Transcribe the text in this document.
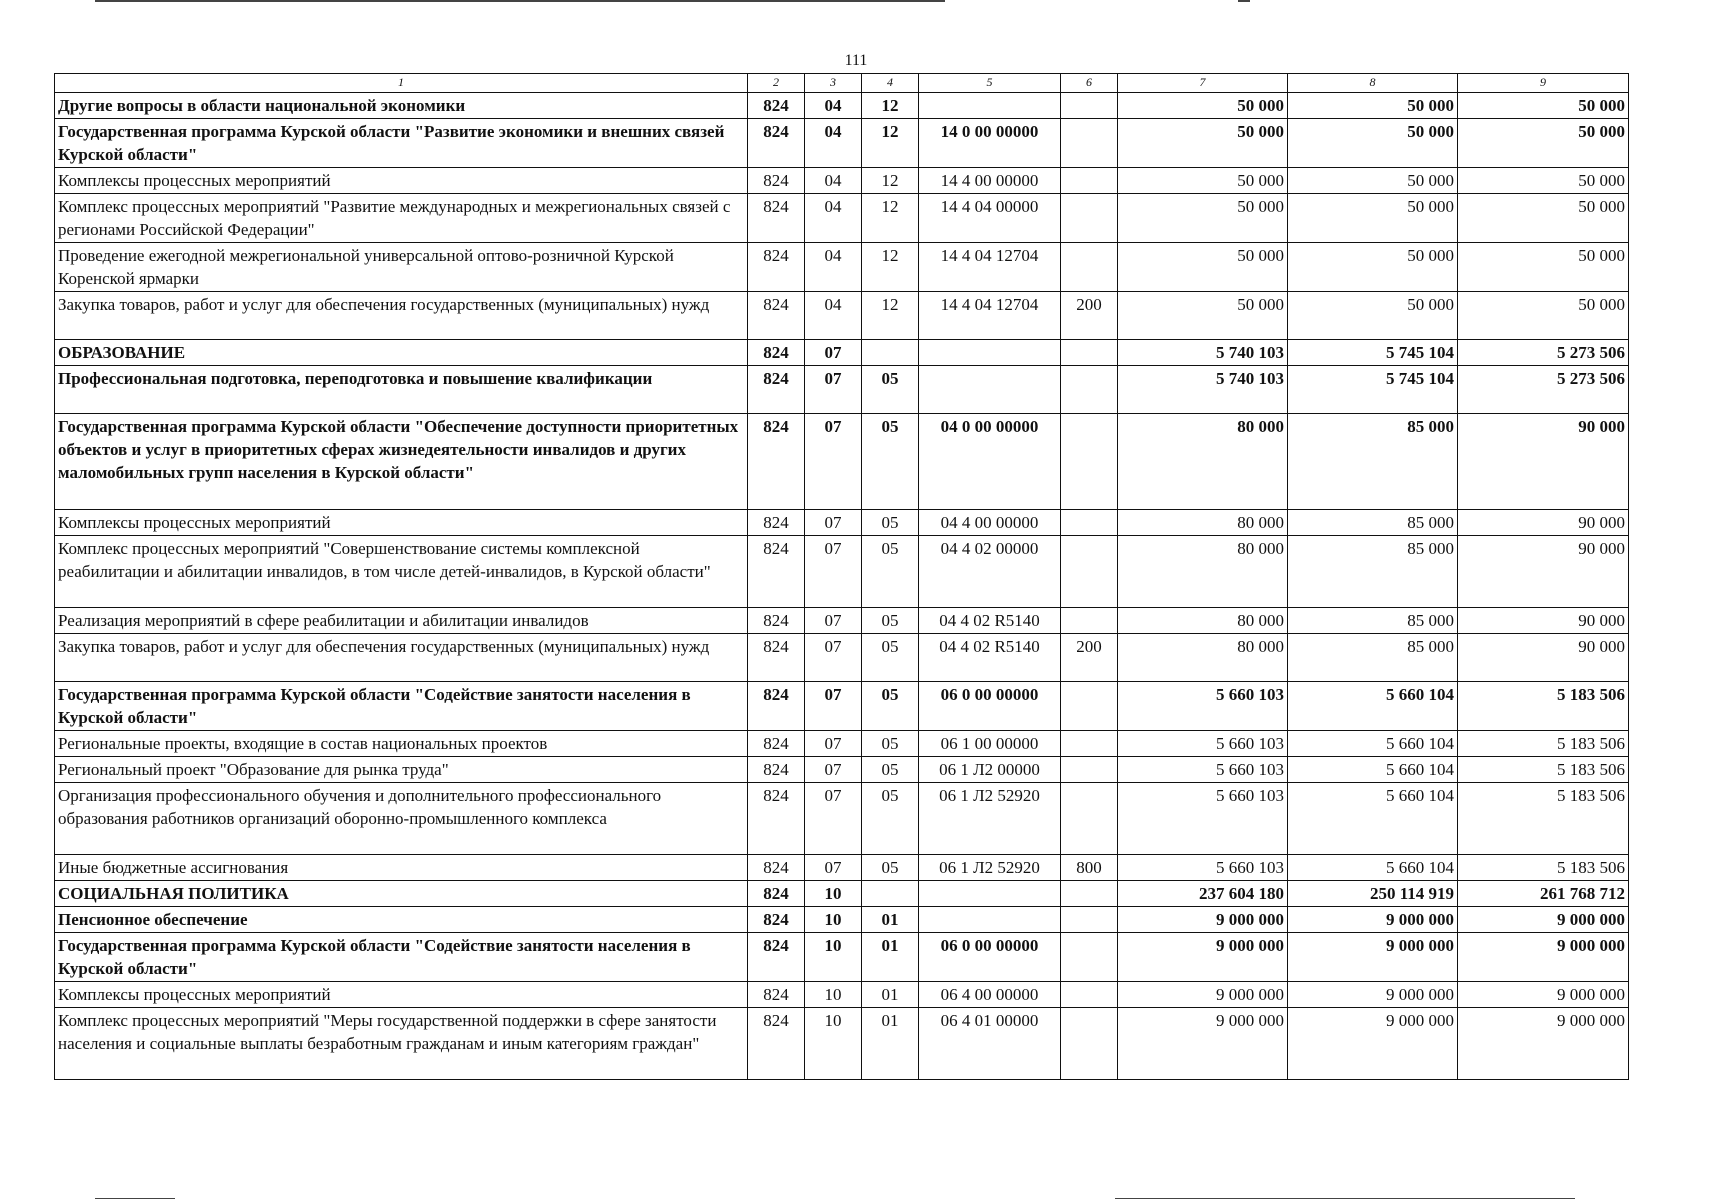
111
1	2	3	4	5	6	7	8	9
Другие вопросы в области национальной экономики	824	04	12			50 000	50 000	50 000
Государственная программа Курской области "Развитие экономики и внешних связей Курской области"	824	04	12	14 0 00 00000		50 000	50 000	50 000
Комплексы процессных мероприятий	824	04	12	14 4 00 00000		50 000	50 000	50 000
Комплекс процессных мероприятий "Развитие международных и межрегиональных связей с регионами Российской Федерации"	824	04	12	14 4 04 00000		50 000	50 000	50 000
Проведение ежегодной межрегиональной универсальной оптово-розничной Курской Коренской ярмарки	824	04	12	14 4 04 12704		50 000	50 000	50 000
Закупка товаров, работ и услуг для обеспечения государственных (муниципальных) нужд	824	04	12	14 4 04 12704	200	50 000	50 000	50 000
ОБРАЗОВАНИЕ	824	07				5 740 103	5 745 104	5 273 506
Профессиональная подготовка, переподготовка и повышение квалификации	824	07	05			5 740 103	5 745 104	5 273 506
Государственная программа Курской области "Обеспечение доступности приоритетных объектов и услуг в приоритетных сферах жизнедеятельности инвалидов и других маломобильных групп населения в Курской области"	824	07	05	04 0 00 00000		80 000	85 000	90 000
Комплексы процессных мероприятий	824	07	05	04 4 00 00000		80 000	85 000	90 000
Комплекс процессных мероприятий "Совершенствование системы комплексной реабилитации и абилитации инвалидов, в том числе детей-инвалидов, в Курской области"	824	07	05	04 4 02 00000		80 000	85 000	90 000
Реализация мероприятий в сфере реабилитации и абилитации инвалидов	824	07	05	04 4 02 R5140		80 000	85 000	90 000
Закупка товаров, работ и услуг для обеспечения государственных (муниципальных) нужд	824	07	05	04 4 02 R5140	200	80 000	85 000	90 000
Государственная программа Курской области "Содействие занятости населения в Курской области"	824	07	05	06 0 00 00000		5 660 103	5 660 104	5 183 506
Региональные проекты, входящие в состав национальных проектов	824	07	05	06 1 00 00000		5 660 103	5 660 104	5 183 506
Региональный проект "Образование для рынка труда"	824	07	05	06 1 Л2 00000		5 660 103	5 660 104	5 183 506
Организация профессионального обучения и дополнительного профессионального образования работников организаций оборонно-промышленного комплекса	824	07	05	06 1 Л2 52920		5 660 103	5 660 104	5 183 506
Иные бюджетные ассигнования	824	07	05	06 1 Л2 52920	800	5 660 103	5 660 104	5 183 506
СОЦИАЛЬНАЯ ПОЛИТИКА	824	10				237 604 180	250 114 919	261 768 712
Пенсионное обеспечение	824	10	01			9 000 000	9 000 000	9 000 000
Государственная программа Курской области "Содействие занятости населения в Курской области"	824	10	01	06 0 00 00000		9 000 000	9 000 000	9 000 000
Комплексы процессных мероприятий	824	10	01	06 4 00 00000		9 000 000	9 000 000	9 000 000
Комплекс процессных мероприятий "Меры государственной поддержки в сфере занятости населения и социальные выплаты безработным гражданам и иным категориям граждан"	824	10	01	06 4 01 00000		9 000 000	9 000 000	9 000 000
